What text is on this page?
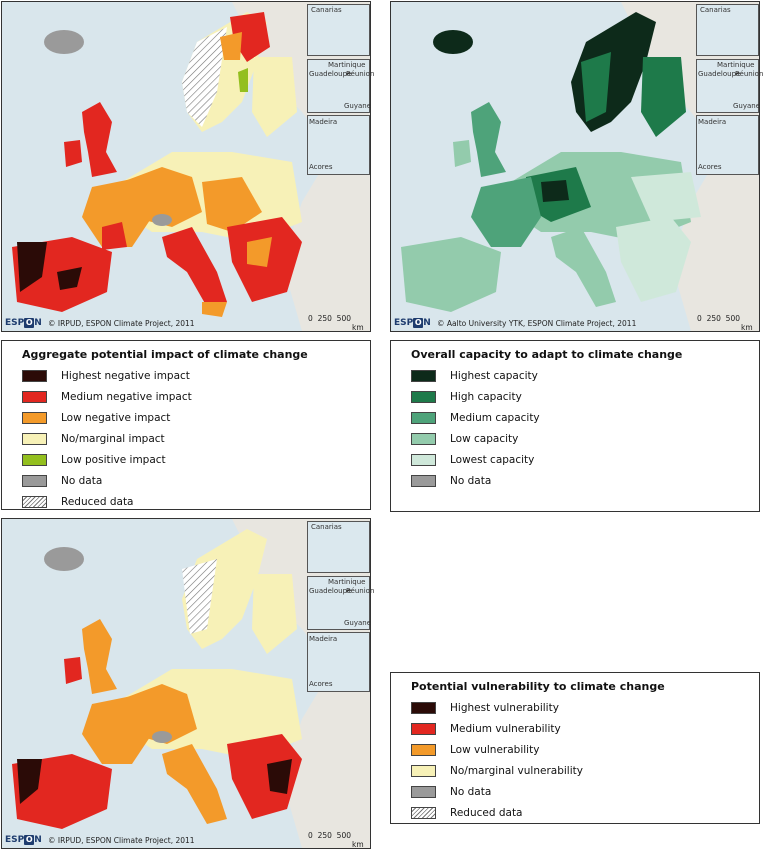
Canarias
Martinique
Guadeloupe
Réunion
Guyane
Madeira
Acores
ESP O N © IRPUD, ESPON Climate Project, 2011
0 250 500
km
Canarias
Martinique
Guadeloupe
Réunion
Guyane
Madeira
Acores
ESP O N © Aalto University YTK, ESPON Climate Project, 2011
0 250 500
km
Aggregate potential impact of climate change
Highest negative impact
Medium negative impact
Low negative impact
No/marginal impact
Low positive impact
No data
Reduced data
Overall capacity to adapt to climate change
Highest capacity
High capacity
Medium capacity
Low capacity
Lowest capacity
No data
Canarias
Martinique
Guadeloupe
Réunion
Guyane
Madeira
Acores
ESP O N © IRPUD, ESPON Climate Project, 2011
0 250 500
km
Potential vulnerability to climate change
Highest vulnerability
Medium vulnerability
Low vulnerability
No/marginal vulnerability
No data
Reduced data
